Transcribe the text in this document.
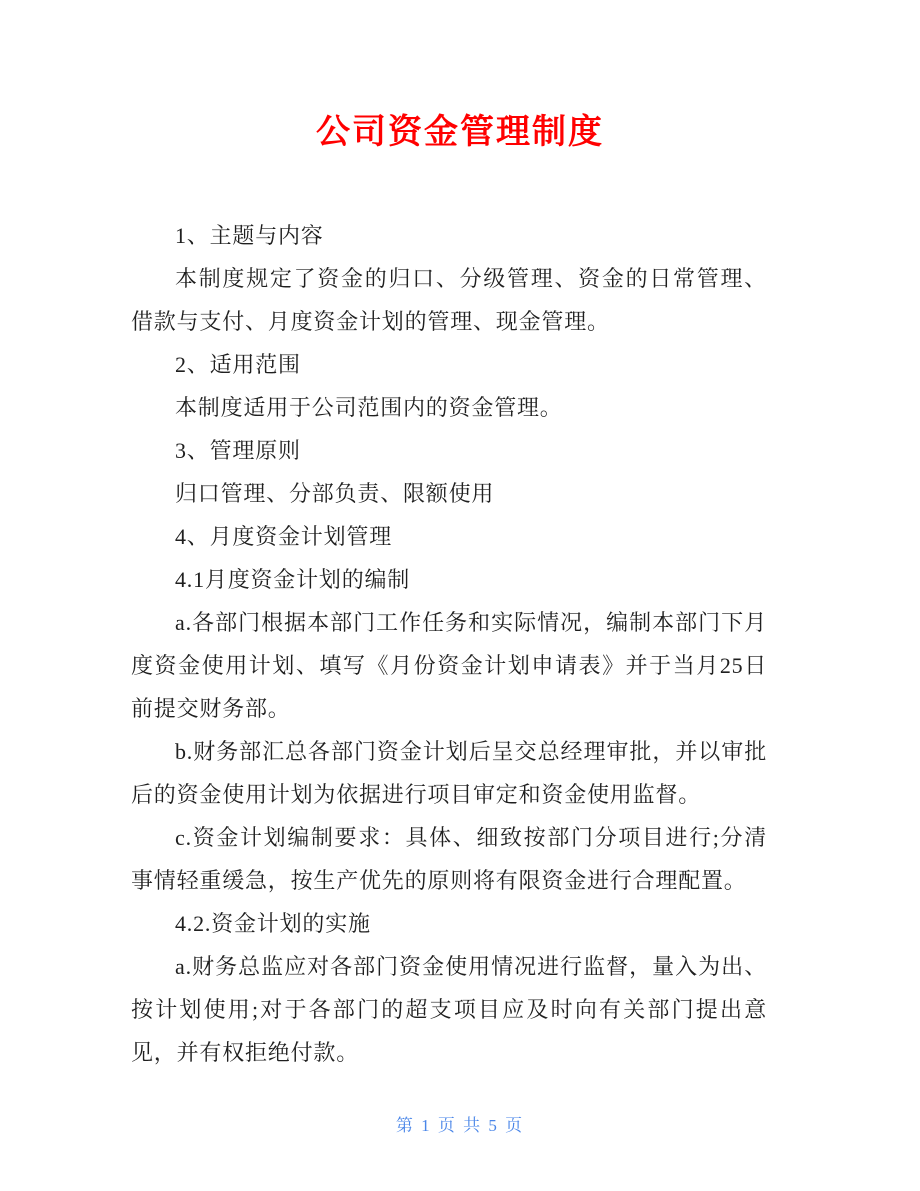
公司资金管理制度

1、主题与内容

本制度规定了资金的归口、分级管理、资金的日常管理、借款与支付、月度资金计划的管理、现金管理。

2、适用范围

本制度适用于公司范围内的资金管理。

3、管理原则

归口管理、分部负责、限额使用

4、月度资金计划管理

4.1月度资金计划的编制

a.各部门根据本部门工作任务和实际情况，编制本部门下月度资金使用计划、填写《月份资金计划申请表》并于当月25日前提交财务部。

b.财务部汇总各部门资金计划后呈交总经理审批，并以审批后的资金使用计划为依据进行项目审定和资金使用监督。

c.资金计划编制要求：具体、细致按部门分项目进行;分清事情轻重缓急，按生产优先的原则将有限资金进行合理配置。

4.2.资金计划的实施

a.财务总监应对各部门资金使用情况进行监督，量入为出、按计划使用;对于各部门的超支项目应及时向有关部门提出意见，并有权拒绝付款。

第 1 页 共 5 页
